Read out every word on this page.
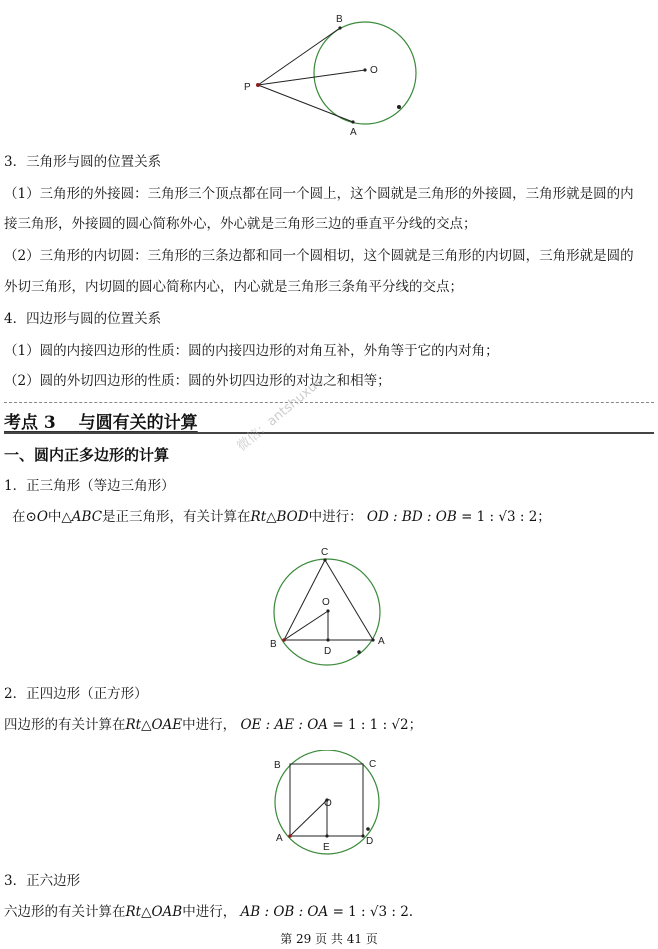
B
O
P
A
3．三角形与圆的位置关系
（1）三角形的外接圆：三角形三个顶点都在同一个圆上，这个圆就是三角形的外接圆，三角形就是圆的内
接三角形，外接圆的圆心简称外心，外心就是三角形三边的垂直平分线的交点；
（2）三角形的内切圆：三角形的三条边都和同一个圆相切，这个圆就是三角形的内切圆，三角形就是圆的
外切三角形，内切圆的圆心简称内心，内心就是三角形三条角平分线的交点；
4．四边形与圆的位置关系
（1）圆的内接四边形的性质：圆的内接四边形的对角互补，外角等于它的内对角；
（2）圆的外切四边形的性质：圆的外切四边形的对边之和相等；
考点 3　 与圆有关的计算
一、圆内正多边形的计算
1．正三角形（等边三角形）
在⊙O中△ABC是正三角形，有关计算在Rt△BOD中进行： OD : BD : OB = 1 : √3 : 2；
C
O
B
D
A
2．正四边形（正方形）
四边形的有关计算在Rt△OAE中进行， OE : AE : OA = 1 : 1 : √2；
B	C
O
A
E
D
3．正六边形
六边形的有关计算在Rt△OAB中进行， AB : OB : OA = 1 : √3 : 2.
微信：antshuxue
第 29 页 共 41 页
